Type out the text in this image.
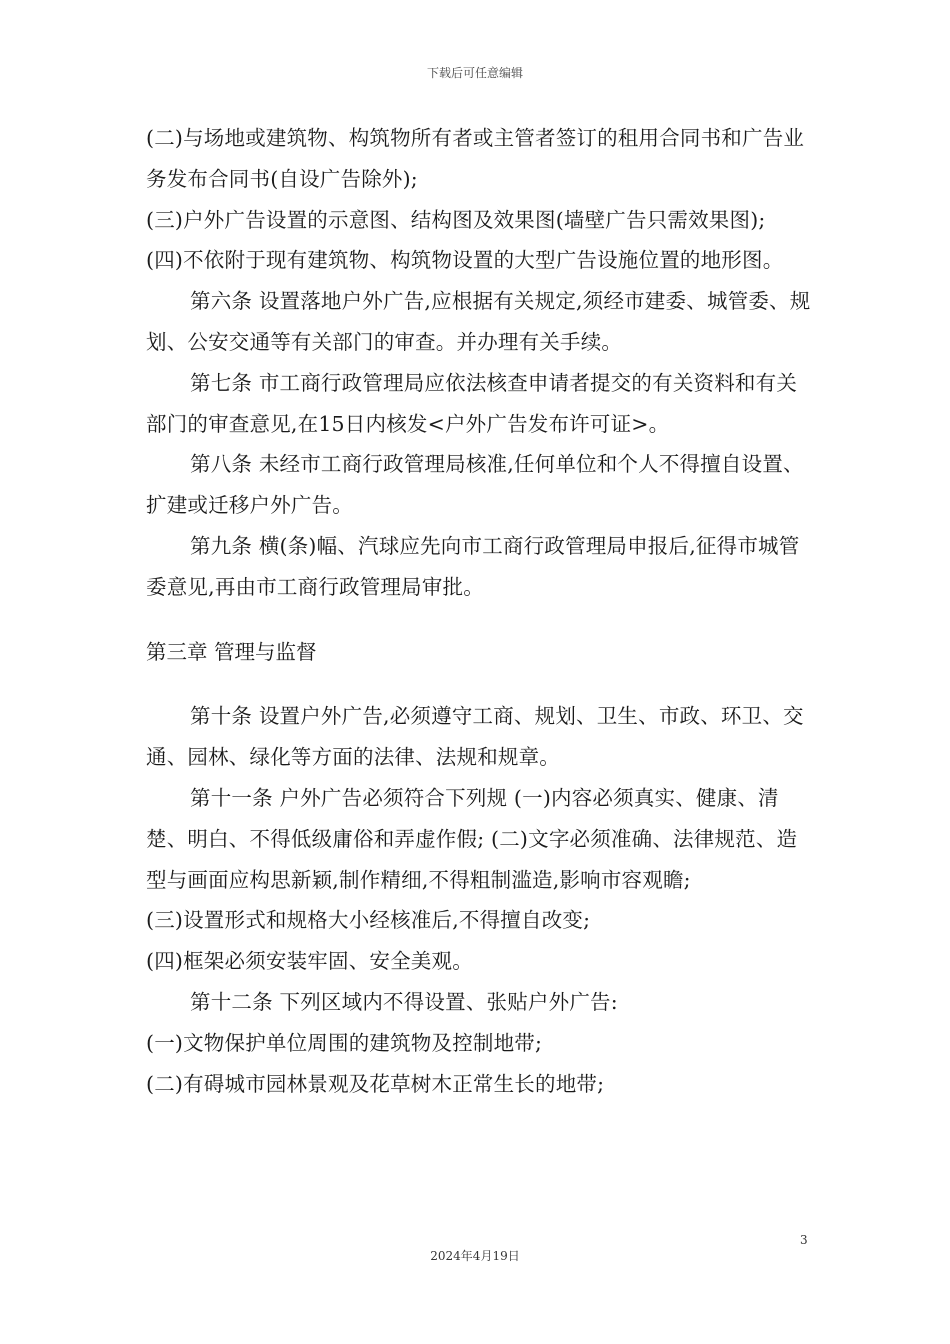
下载后可任意编辑

(二)与场地或建筑物、构筑物所有者或主管者签订的租用合同书和广告业务发布合同书(自设广告除外);

(三)户外广告设置的示意图、结构图及效果图(墙壁广告只需效果图);

(四)不依附于现有建筑物、构筑物设置的大型广告设施位置的地形图。

第六条 设置落地户外广告,应根据有关规定,须经市建委、城管委、规划、公安交通等有关部门的审查。并办理有关手续。

第七条 市工商行政管理局应依法核查申请者提交的有关资料和有关部门的审查意见,在15日内核发<户外广告发布许可证>。

第八条 未经市工商行政管理局核准,任何单位和个人不得擅自设置、扩建或迁移户外广告。

第九条 横(条)幅、汽球应先向市工商行政管理局申报后,征得市城管委意见,再由市工商行政管理局审批。

第三章 管理与监督

第十条 设置户外广告,必须遵守工商、规划、卫生、市政、环卫、交通、园林、绿化等方面的法律、法规和规章。

第十一条 户外广告必须符合下列规 (一)内容必须真实、健康、清楚、明白、不得低级庸俗和弄虚作假; (二)文字必须准确、法律规范、造型与画面应构思新颖,制作精细,不得粗制滥造,影响市容观瞻;

(三)设置形式和规格大小经核准后,不得擅自改变;

(四)框架必须安装牢固、安全美观。

第十二条 下列区域内不得设置、张贴户外广告:

(一)文物保护单位周围的建筑物及控制地带;

(二)有碍城市园林景观及花草树木正常生长的地带;

3
2024年4月19日
